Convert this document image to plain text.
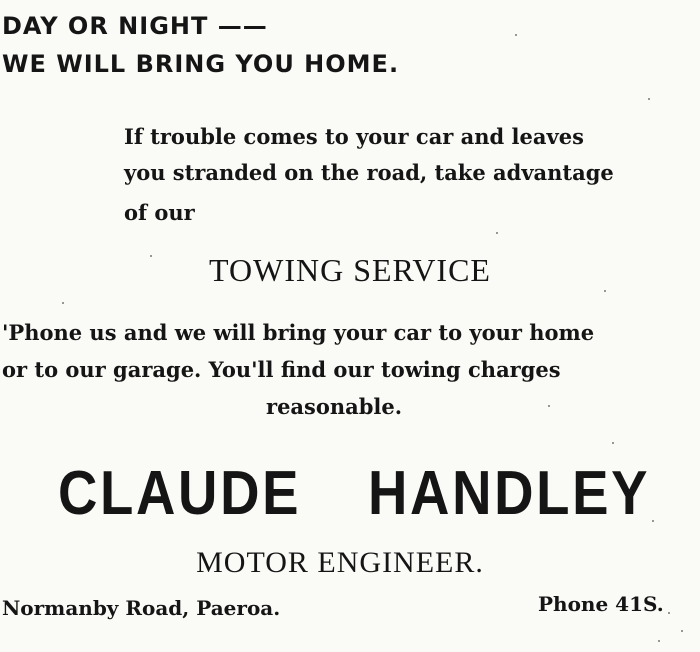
DAY OR NIGHT ——
WE WILL BRING YOU HOME.
If trouble comes to your car and leaves
you stranded on the road, take advantage
of our
TOWING SERVICE
'Phone us and we will bring your car to your home
or to our garage. You'll find our towing charges
reasonable.
CLAUDE HANDLEY
MOTOR ENGINEER.
Normanby Road, Paeroa.	Phone 41S.
